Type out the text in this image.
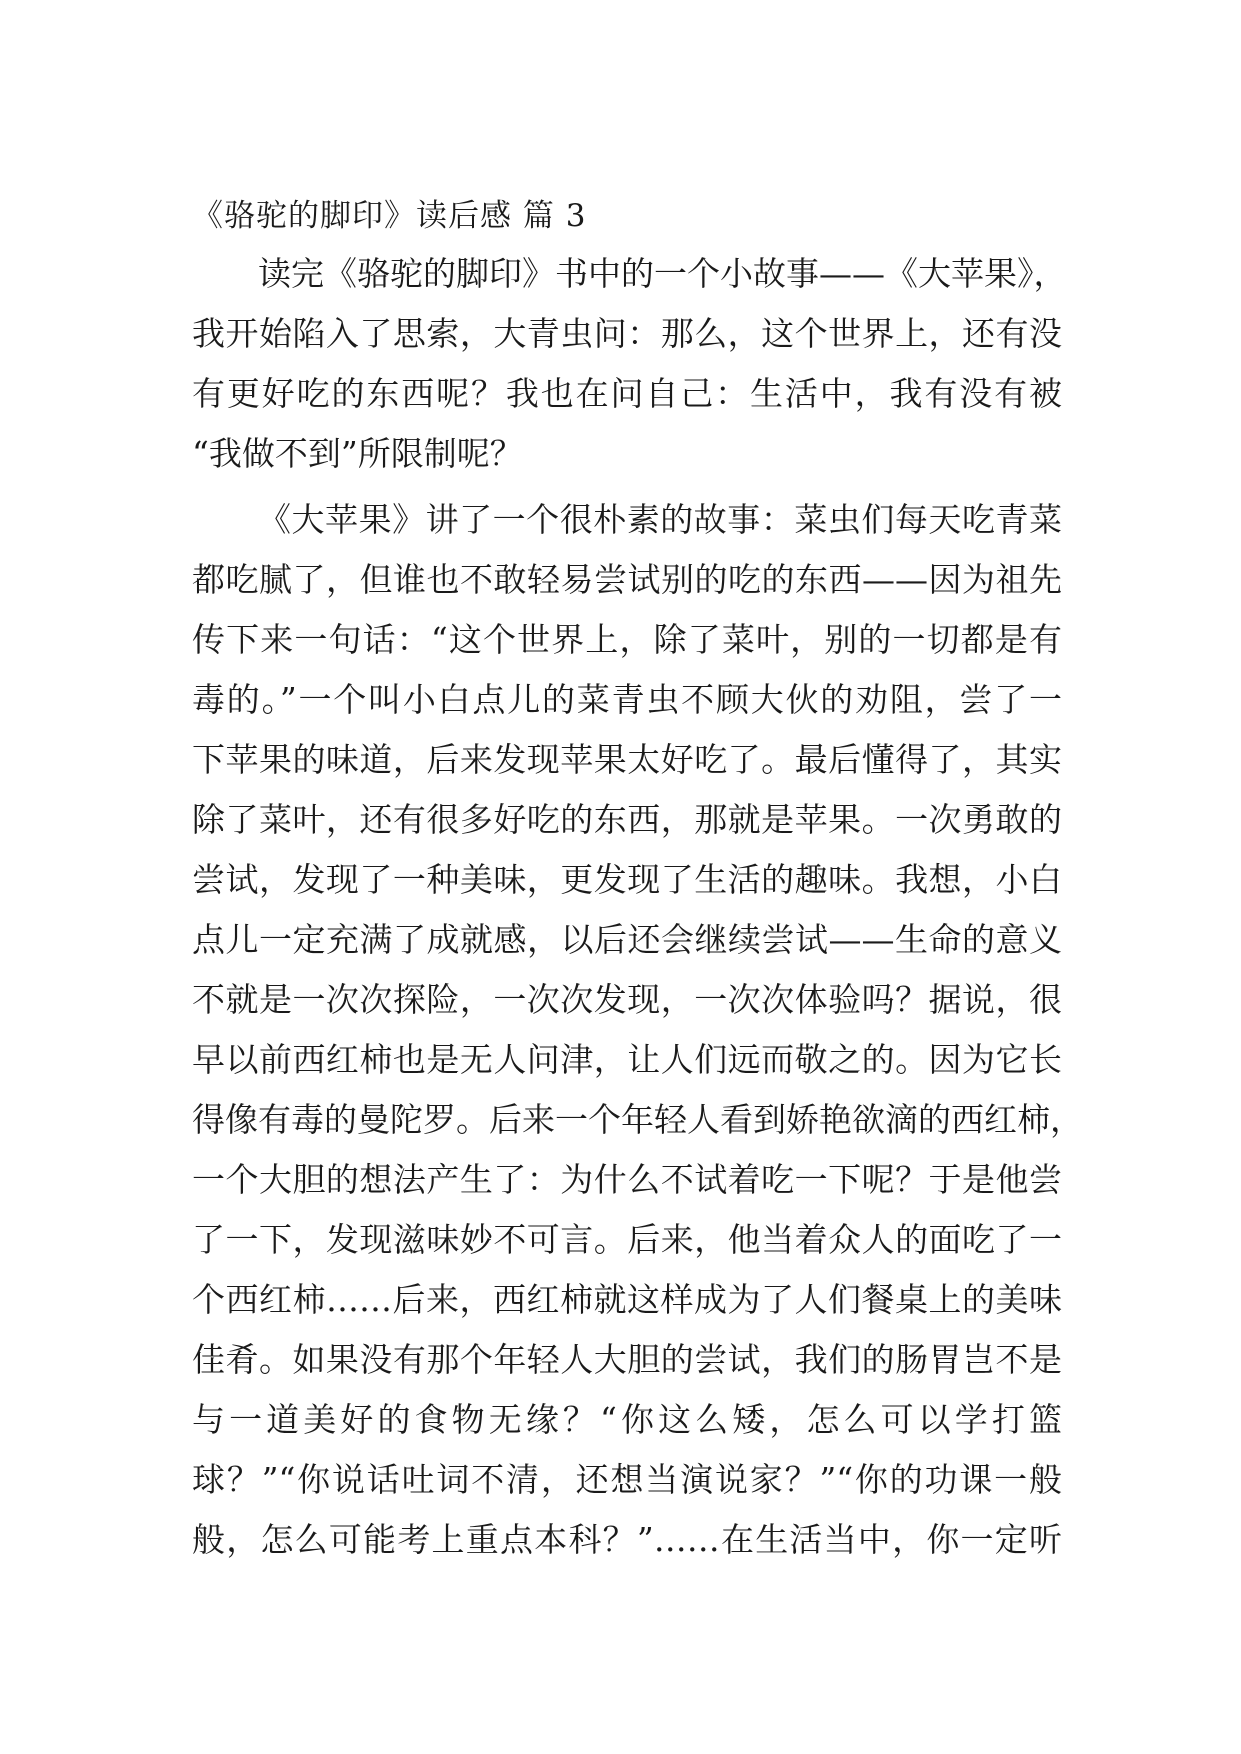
《骆驼的脚印》读后感 篇 3
读完《骆驼的脚印》书中的一个小故事——《大苹果》，
我开始陷入了思索，大青虫问：那么，这个世界上，还有没
有更好吃的东西呢？我也在问自己：生活中，我有没有被
“我做不到”所限制呢？
《大苹果》讲了一个很朴素的故事：菜虫们每天吃青菜
都吃腻了，但谁也不敢轻易尝试别的吃的东西——因为祖先
传下来一句话：“这个世界上，除了菜叶，别的一切都是有
毒的。”一个叫小白点儿的菜青虫不顾大伙的劝阻，尝了一
下苹果的味道，后来发现苹果太好吃了。最后懂得了，其实
除了菜叶，还有很多好吃的东西，那就是苹果。一次勇敢的
尝试，发现了一种美味，更发现了生活的趣味。我想，小白
点儿一定充满了成就感，以后还会继续尝试——生命的意义
不就是一次次探险，一次次发现，一次次体验吗？据说，很
早以前西红柿也是无人问津，让人们远而敬之的。因为它长
得像有毒的曼陀罗。后来一个年轻人看到娇艳欲滴的西红柿，
一个大胆的想法产生了：为什么不试着吃一下呢？于是他尝
了一下，发现滋味妙不可言。后来，他当着众人的面吃了一
个西红柿……后来，西红柿就这样成为了人们餐桌上的美味
佳肴。如果没有那个年轻人大胆的尝试，我们的肠胃岂不是
与一道美好的食物无缘？“你这么矮，怎么可以学打篮
球？”“你说话吐词不清，还想当演说家？”“你的功课一般
般，怎么可能考上重点本科？”……在生活当中，你一定听
